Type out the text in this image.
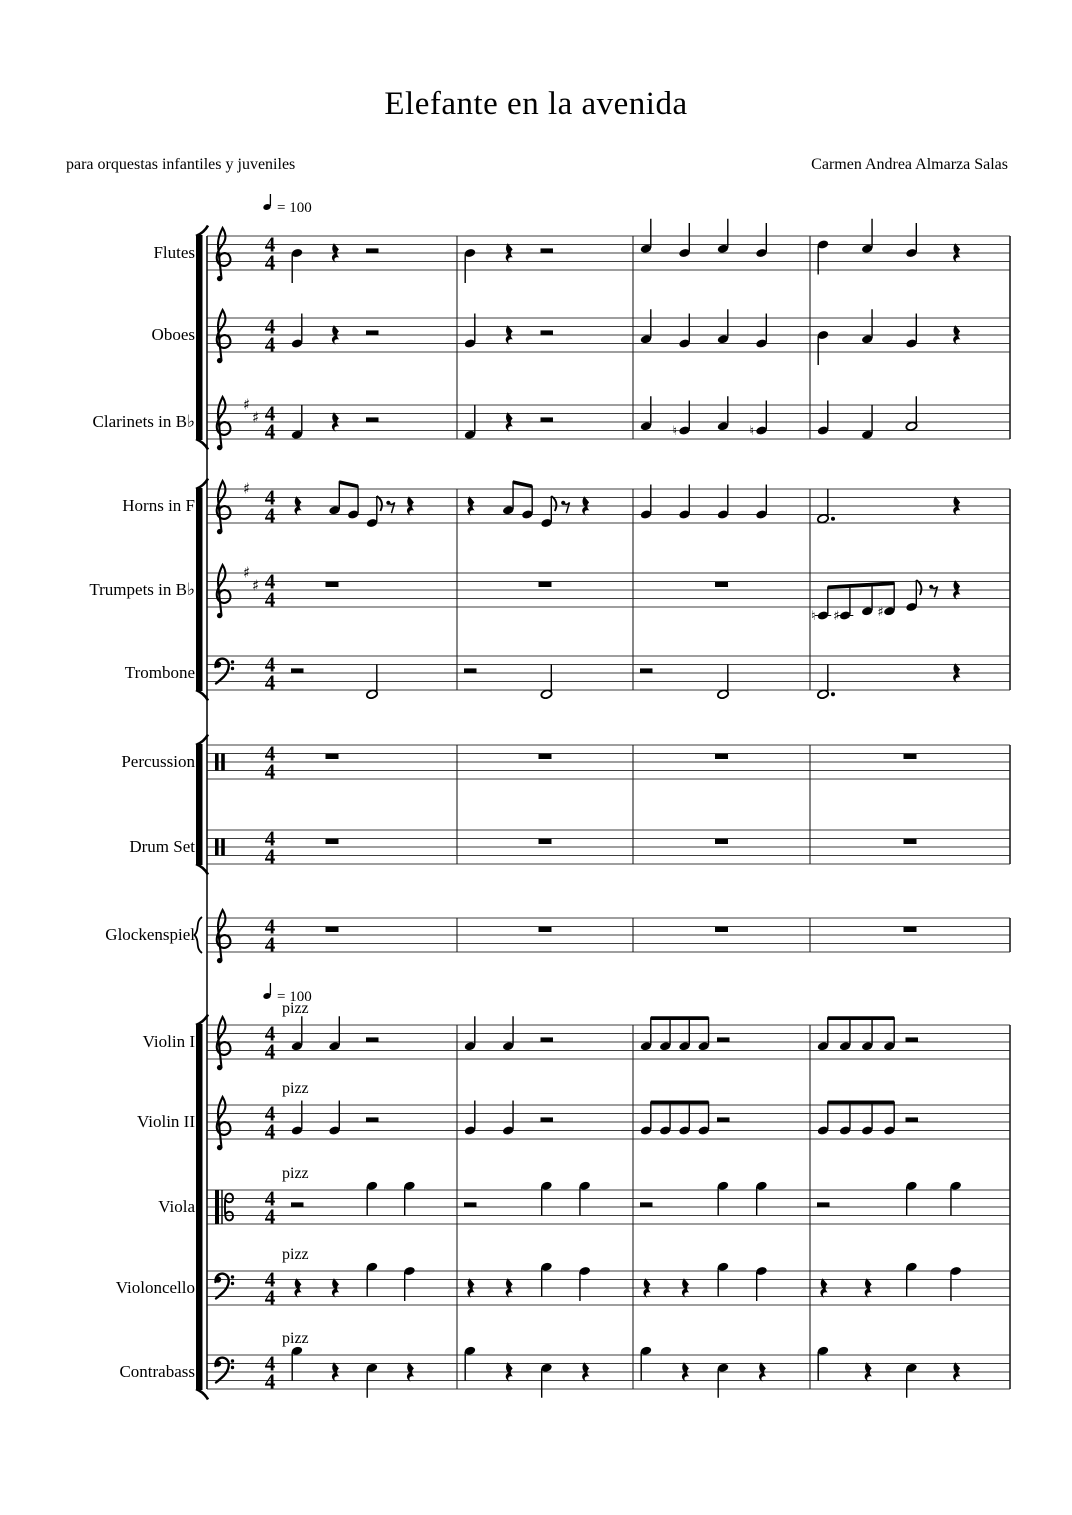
Elefante en la avenida
para orquestas infantiles y juveniles	Carmen Andrea Almarza Salas
4
4
Flutes
4
4
Oboes
♯
♯ 4
4	♮	♮
Clarinets in B♭
♯ 4
4
Horns in F
♯
♯ 4
4
♮ ♯	♯
Trumpets in B♭
4
4
Trombone
4
4
Percussion
4
4
Drum Set
4
4
Glockenspiel
4
4
Violin I
pizz
4
4
Violin II
pizz
4
4
Viola
pizz
4
4
Violoncello
pizz
4
4
Contrabass
pizz
= 100
= 100
